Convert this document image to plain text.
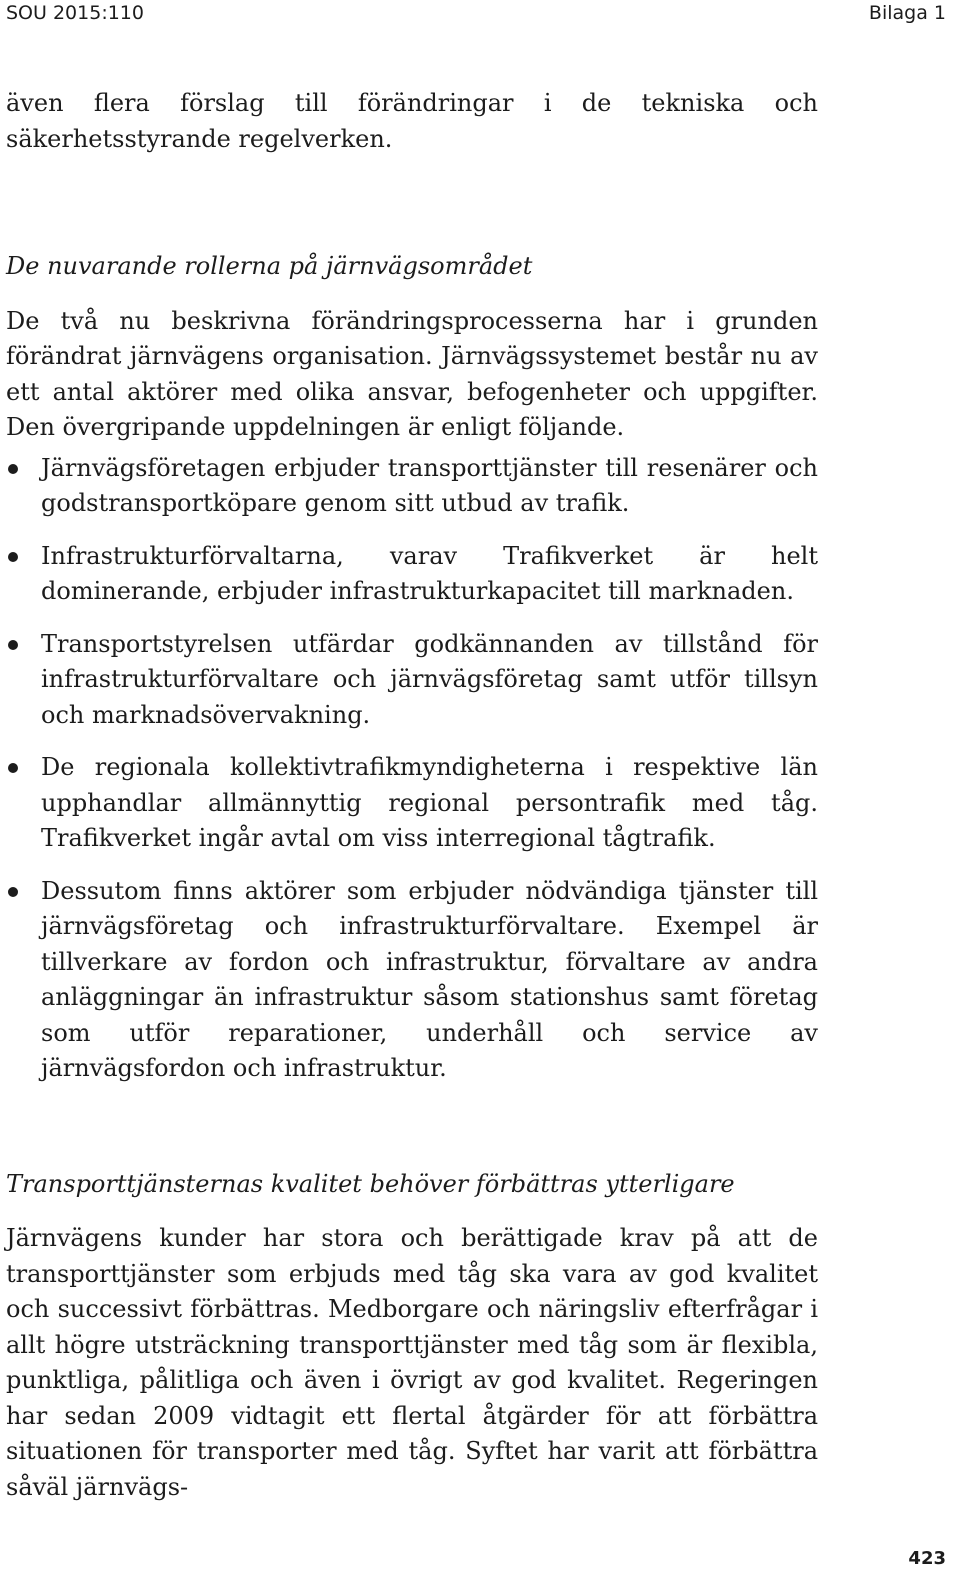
SOU 2015:110	Bilaga 1

även flera förslag till förändringar i de tekniska och säkerhetsstyrande regelverken.

De nuvarande rollerna på järnvägsområdet

De två nu beskrivna förändringsprocesserna har i grunden förändrat järnvägens organisation. Järnvägssystemet består nu av ett antal aktörer med olika ansvar, befogenheter och uppgifter. Den övergripande uppdelningen är enligt följande.

Järnvägsföretagen erbjuder transporttjänster till resenärer och godstransportköpare genom sitt utbud av trafik.
Infrastrukturförvaltarna, varav Trafikverket är helt dominerande, erbjuder infrastrukturkapacitet till marknaden.
Transportstyrelsen utfärdar godkännanden av tillstånd för infrastrukturförvaltare och järnvägsföretag samt utför tillsyn och marknadsövervakning.
De regionala kollektivtrafikmyndigheterna i respektive län upphandlar allmännyttig regional persontrafik med tåg. Trafikverket ingår avtal om viss interregional tågtrafik.
Dessutom finns aktörer som erbjuder nödvändiga tjänster till järnvägsföretag och infrastrukturförvaltare. Exempel är tillverkare av fordon och infrastruktur, förvaltare av andra anläggningar än infrastruktur såsom stationshus samt företag som utför reparationer, underhåll och service av järnvägsfordon och infrastruktur.

Transporttjänsternas kvalitet behöver förbättras ytterligare

Järnvägens kunder har stora och berättigade krav på att de transporttjänster som erbjuds med tåg ska vara av god kvalitet och successivt förbättras. Medborgare och näringsliv efterfrågar i allt högre utsträckning transporttjänster med tåg som är flexibla, punktliga, pålitliga och även i övrigt av god kvalitet. Regeringen har sedan 2009 vidtagit ett flertal åtgärder för att förbättra situationen för transporter med tåg. Syftet har varit att förbättra såväl järnvägs-

423
